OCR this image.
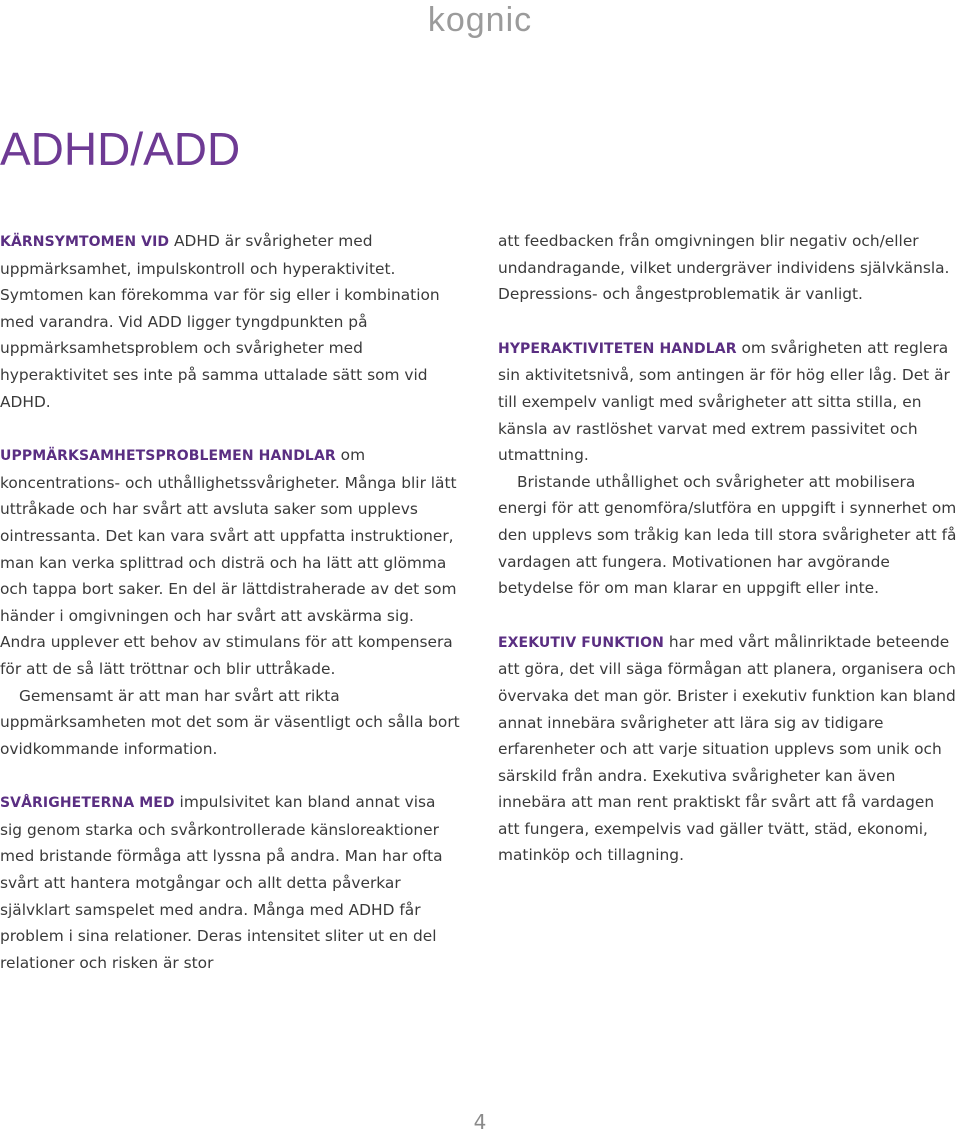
kognic
ADHD/ADD

KÄRNSYMTOMEN VID ADHD är svårigheter med uppmärksamhet, impulskontroll och hyperaktivitet. Symtomen kan förekomma var för sig eller i kombination med varandra. Vid ADD ligger tyngdpunkten på uppmärksamhetsproblem och svårigheter med hyperaktivitet ses inte på samma uttalade sätt som vid ADHD.

UPPMÄRKSAMHETSPROBLEMEN HANDLAR om koncentrations- och uthållighetssvårigheter. Många blir lätt uttråkade och har svårt att avsluta saker som upplevs ointressanta. Det kan vara svårt att uppfatta instruktioner, man kan verka splittrad och disträ och ha lätt att glömma och tappa bort saker. En del är lättdistraherade av det som händer i omgivningen och har svårt att avskärma sig. Andra upplever ett behov av stimulans för att kompensera för att de så lätt tröttnar och blir uttråkade.

Gemensamt är att man har svårt att rikta uppmärksamheten mot det som är väsentligt och sålla bort ovidkommande information.

SVÅRIGHETERNA MED impulsivitet kan bland annat visa sig genom starka och svårkontrollerade känsloreaktioner med bristande förmåga att lyssna på andra. Man har ofta svårt att hantera motgångar och allt detta påverkar självklart samspelet med andra. Många med ADHD får problem i sina relationer. Deras intensitet sliter ut en del relationer och risken är stor

att feedbacken från omgivningen blir negativ och/eller undandragande, vilket undergräver individens självkänsla. Depressions- och ångestproblematik är vanligt.

HYPERAKTIVITETEN HANDLAR om svårigheten att reglera sin aktivitetsnivå, som antingen är för hög eller låg. Det är till exempelv vanligt med svårigheter att sitta stilla, en känsla av rastlöshet varvat med extrem passivitet och utmattning.

Bristande uthållighet och svårigheter att mobilisera energi för att genomföra/slutföra en uppgift i synnerhet om den upplevs som tråkig kan leda till stora svårigheter att få vardagen att fungera. Motivationen har avgörande betydelse för om man klarar en uppgift eller inte.

EXEKUTIV FUNKTION har med vårt målinriktade beteende att göra, det vill säga förmågan att planera, organisera och övervaka det man gör. Brister i exekutiv funktion kan bland annat innebära svårigheter att lära sig av tidigare erfarenheter och att varje situation upplevs som unik och särskild från andra. Exekutiva svårigheter kan även innebära att man rent praktiskt får svårt att få vardagen att fungera, exempelvis vad gäller tvätt, städ, ekonomi, matinköp och tillagning.

4
